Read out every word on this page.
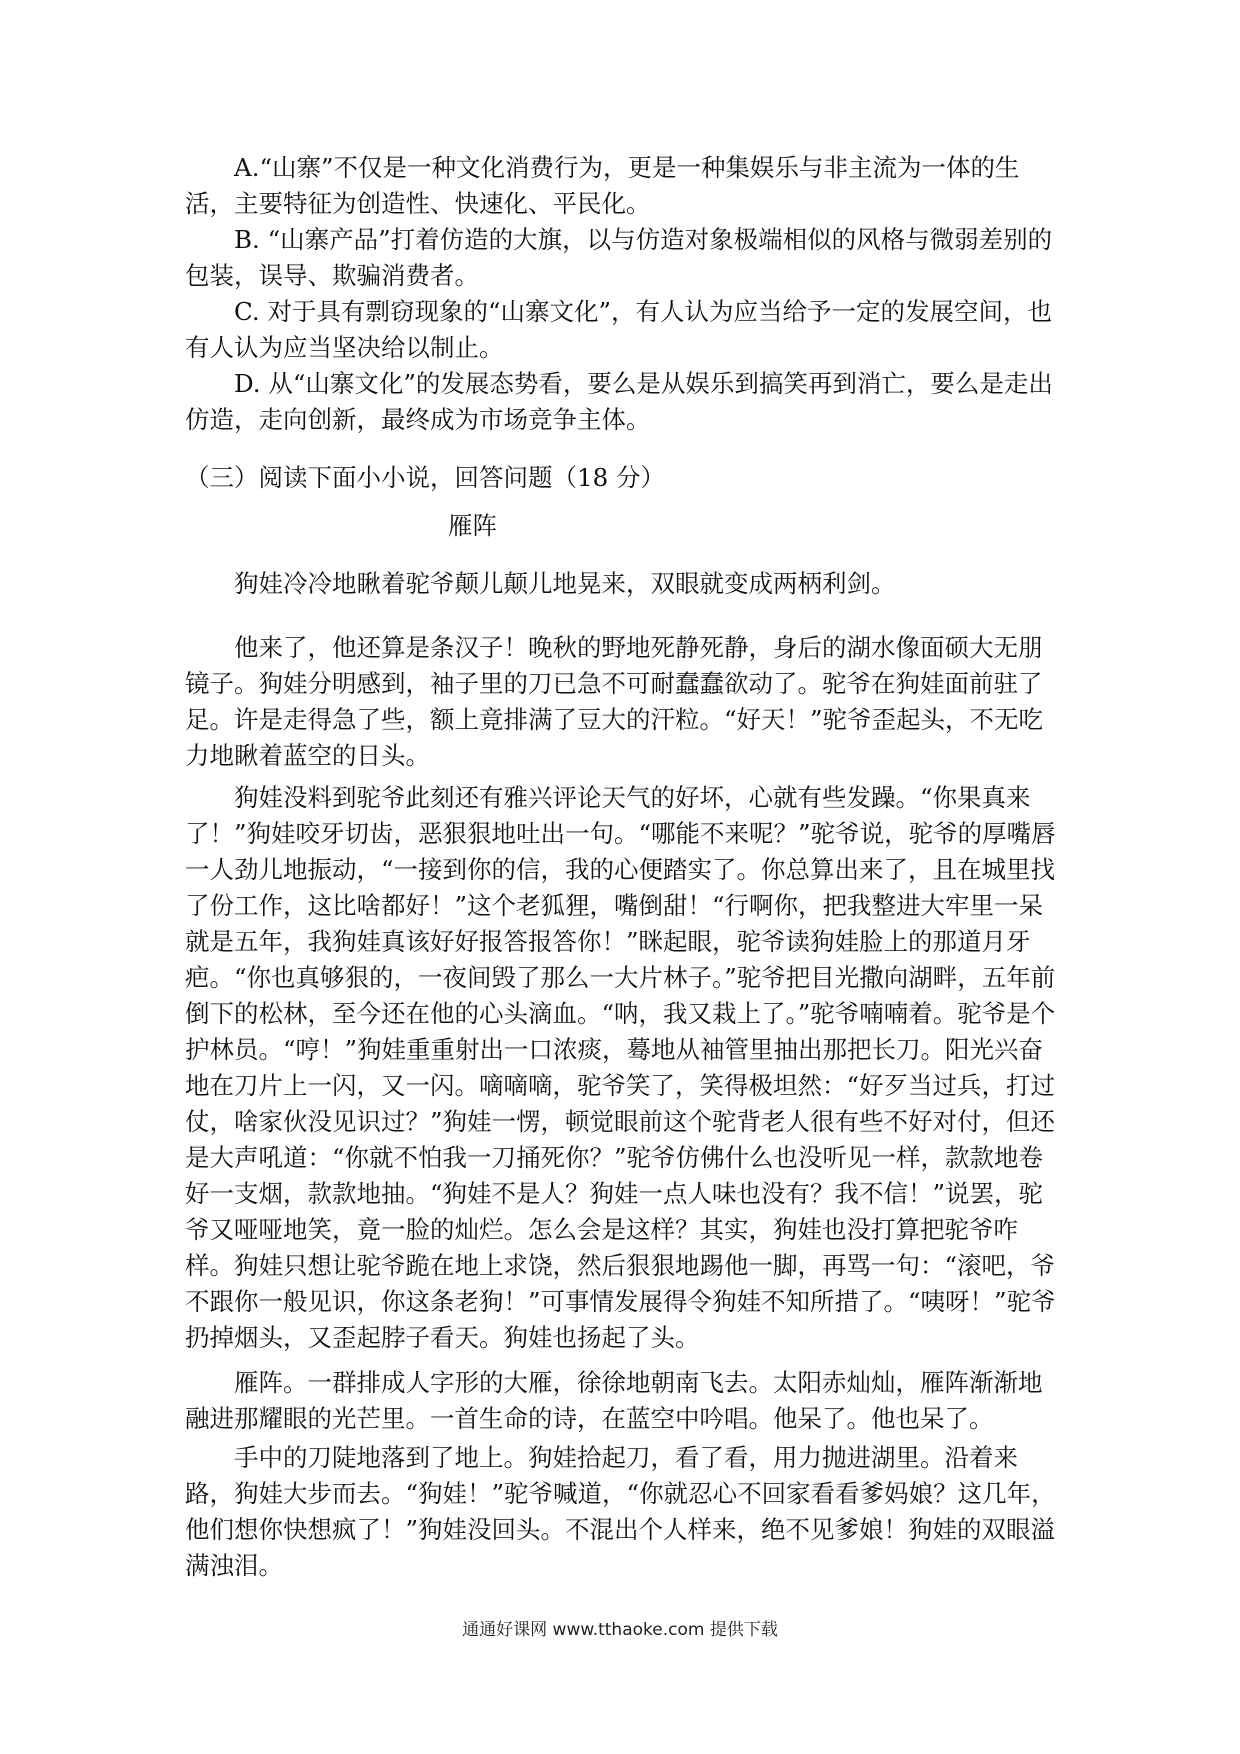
A.“山寨”不仅是一种文化消费行为，更是一种集娱乐与非主流为一体的生活，主要特征为创造性、快速化、平民化。

B. “山寨产品”打着仿造的大旗，以与仿造对象极端相似的风格与微弱差别的包装，误导、欺骗消费者。

C. 对于具有剽窃现象的“山寨文化”，有人认为应当给予一定的发展空间，也有人认为应当坚决给以制止。

D. 从“山寨文化”的发展态势看，要么是从娱乐到搞笑再到消亡，要么是走出仿造，走向创新，最终成为市场竞争主体。

（三）阅读下面小小说，回答问题（18 分）

雁阵

狗娃冷冷地瞅着驼爷颠儿颠儿地晃来，双眼就变成两柄利剑。
他来了，他还算是条汉子！晚秋的野地死静死静，身后的湖水像面硕大无朋镜子。狗娃分明感到，袖子里的刀已急不可耐蠢蠢欲动了。驼爷在狗娃面前驻了足。许是走得急了些，额上竟排满了豆大的汗粒。“好天！”驼爷歪起头，不无吃力地瞅着蓝空的日头。
狗娃没料到驼爷此刻还有雅兴评论天气的好坏，心就有些发躁。“你果真来了！”狗娃咬牙切齿，恶狠狠地吐出一句。“哪能不来呢？”驼爷说，驼爷的厚嘴唇一人劲儿地振动，“一接到你的信，我的心便踏实了。你总算出来了，且在城里找了份工作，这比啥都好！”这个老狐狸，嘴倒甜！“行啊你，把我整进大牢里一呆就是五年，我狗娃真该好好报答报答你！”眯起眼，驼爷读狗娃脸上的那道月牙疤。“你也真够狠的，一夜间毁了那么一大片林子。”驼爷把目光撒向湖畔，五年前倒下的松林，至今还在他的心头滴血。“呐，我又栽上了。”驼爷喃喃着。驼爷是个护林员。“哼！”狗娃重重射出一口浓痰，蓦地从袖管里抽出那把长刀。阳光兴奋地在刀片上一闪，又一闪。嘀嘀嘀，驼爷笑了，笑得极坦然：“好歹当过兵，打过仗，啥家伙没见识过？”狗娃一愣，顿觉眼前这个驼背老人很有些不好对付，但还是大声吼道：“你就不怕我一刀捅死你？”驼爷仿佛什么也没听见一样，款款地卷好一支烟，款款地抽。“狗娃不是人？狗娃一点人味也没有？我不信！”说罢，驼爷又哑哑地笑，竟一脸的灿烂。怎么会是这样？其实，狗娃也没打算把驼爷咋样。狗娃只想让驼爷跪在地上求饶，然后狠狠地踢他一脚，再骂一句：“滚吧，爷不跟你一般见识，你这条老狗！”可事情发展得令狗娃不知所措了。“咦呀！”驼爷扔掉烟头，又歪起脖子看天。狗娃也扬起了头。
雁阵。一群排成人字形的大雁，徐徐地朝南飞去。太阳赤灿灿，雁阵渐渐地融进那耀眼的光芒里。一首生命的诗，在蓝空中吟唱。他呆了。他也呆了。
手中的刀陡地落到了地上。狗娃拾起刀，看了看，用力抛进湖里。沿着来路，狗娃大步而去。“狗娃！”驼爷喊道，“你就忍心不回家看看爹妈娘？这几年，他们想你快想疯了！”狗娃没回头。不混出个人样来，绝不见爹娘！狗娃的双眼溢满浊泪。

通通好课网 www.tthaoke.com 提供下载
